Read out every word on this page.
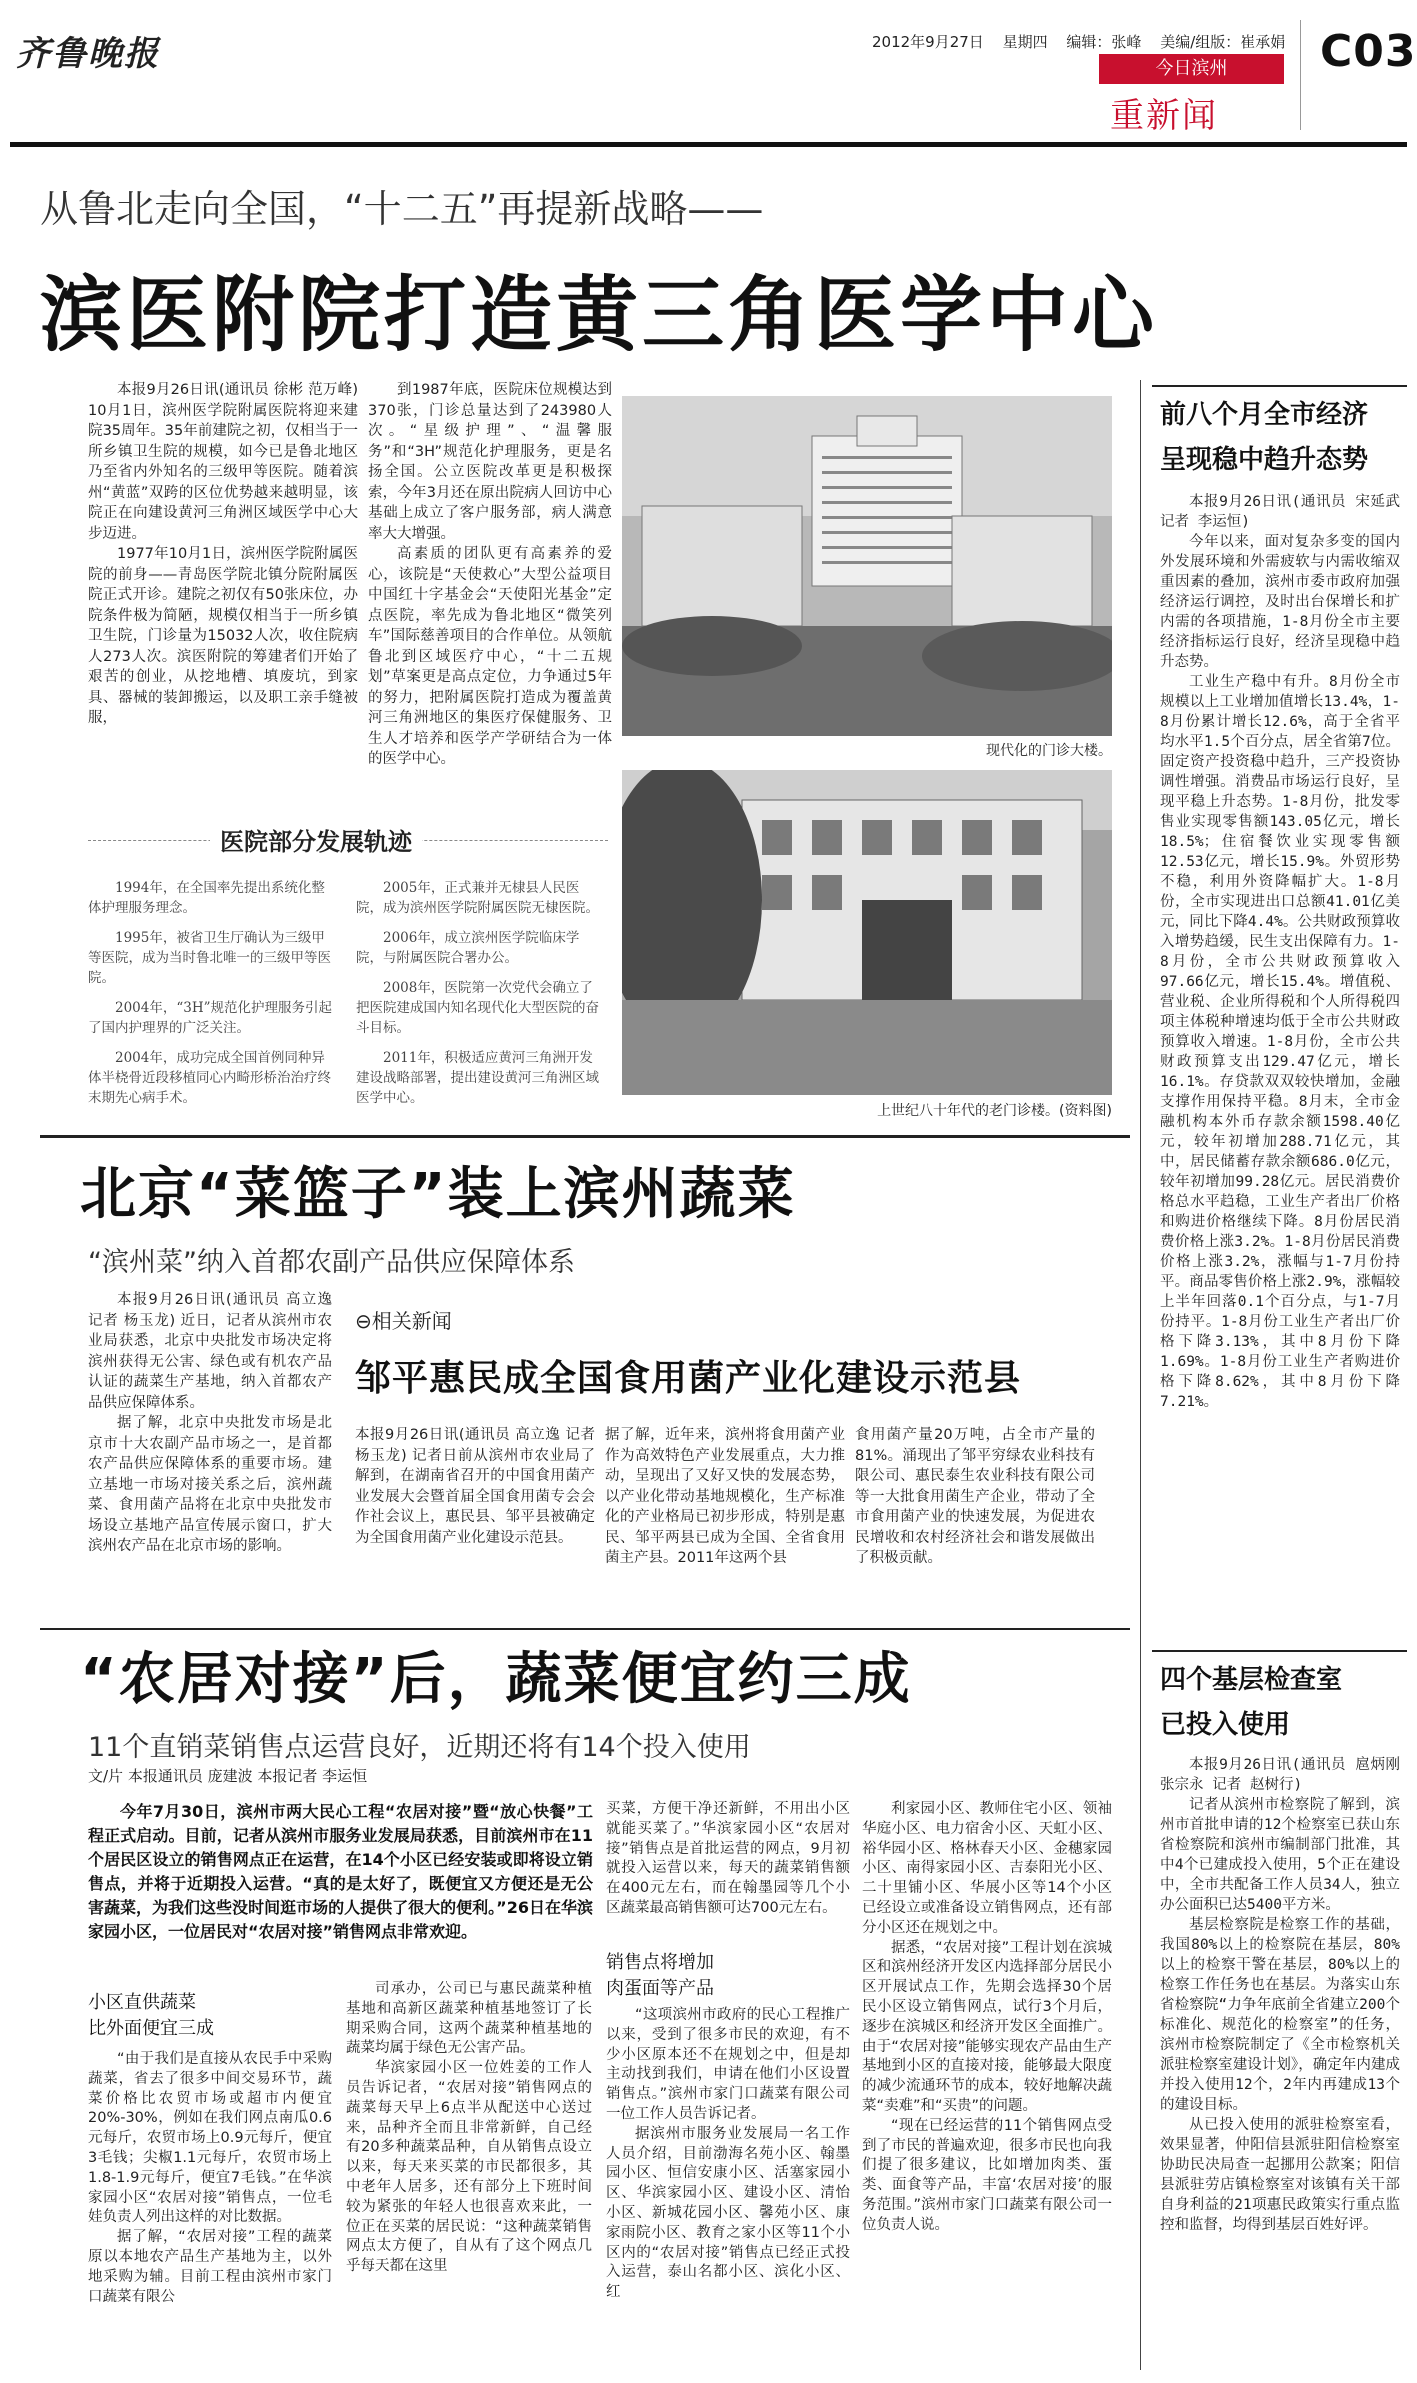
齐鲁晚报	2012年9月27日 星期四 编辑：张峰 美编/组版：崔承娟
今日滨州
重新闻
C03
从鲁北走向全国，“十二五”再提新战略——
滨医附院打造黄三角医学中心

本报9月26日讯(通讯员 徐彬 范万峰) 10月1日，滨州医学院附属医院将迎来建院35周年。35年前建院之初，仅相当于一所乡镇卫生院的规模，如今已是鲁北地区乃至省内外知名的三级甲等医院。随着滨州“黄蓝”双跨的区位优势越来越明显，该院正在向建设黄河三角洲区域医学中心大步迈进。

1977年10月1日，滨州医学院附属医院的前身——青岛医学院北镇分院附属医院正式开诊。建院之初仅有50张床位，办院条件极为简陋，规模仅相当于一所乡镇卫生院，门诊量为15032人次，收住院病人273人次。滨医附院的筹建者们开始了艰苦的创业，从挖地槽、填废坑，到家具、器械的装卸搬运，以及职工亲手缝被服，

到1987年底，医院床位规模达到370张，门诊总量达到了243980人次。“星级护理”、“温馨服务”和“3H”规范化护理服务，更是名扬全国。公立医院改革更是积极探索，今年3月还在原出院病人回访中心基础上成立了客户服务部，病人满意率大大增强。

高素质的团队更有高素养的爱心，该院是“天使救心”大型公益项目中国红十字基金会“天使阳光基金”定点医院，率先成为鲁北地区“微笑列车”国际慈善项目的合作单位。从领航鲁北到区域医疗中心，“十二五规划”草案更是高点定位，力争通过5年的努力，把附属医院打造成为覆盖黄河三角洲地区的集医疗保健服务、卫生人才培养和医学产学研结合为一体的医学中心。	现代化的门诊大楼。
上世纪八十年代的老门诊楼。(资料图)
医院部分发展轨迹

1994年，在全国率先提出系统化整体护理服务理念。

1995年，被省卫生厅确认为三级甲等医院，成为当时鲁北唯一的三级甲等医院。

2004年，“3H”规范化护理服务引起了国内护理界的广泛关注。

2004年，成功完成全国首例同种异体半桡骨近段移植同心内畸形桥治治疗终末期先心病手术。

2005年，正式兼并无棣县人民医院，成为滨州医学院附属医院无棣医院。

2006年，成立滨州医学院临床学院，与附属医院合署办公。

2008年，医院第一次党代会确立了把医院建成国内知名现代化大型医院的奋斗目标。

2011年，积极适应黄河三角洲开发建设战略部署，提出建设黄河三角洲区域医学中心。

前八个月全市经济
呈现稳中趋升态势

本报9月26日讯(通讯员 宋延武 记者 李运恒)

今年以来，面对复杂多变的国内外发展环境和外需疲软与内需收缩双重因素的叠加，滨州市委市政府加强经济运行调控，及时出台保增长和扩内需的各项措施，1-8月份全市主要经济指标运行良好，经济呈现稳中趋升态势。

工业生产稳中有升。8月份全市规模以上工业增加值增长13.4%，1-8月份累计增长12.6%，高于全省平均水平1.5个百分点，居全省第7位。固定资产投资稳中趋升，三产投资协调性增强。消费品市场运行良好，呈现平稳上升态势。1-8月份，批发零售业实现零售额143.05亿元，增长18.5%；住宿餐饮业实现零售额12.53亿元，增长15.9%。外贸形势不稳，利用外资降幅扩大。1-8月份，全市实现进出口总额41.01亿美元，同比下降4.4%。公共财政预算收入增势趋缓，民生支出保障有力。1-8月份，全市公共财政预算收入97.66亿元，增长15.4%。增值税、营业税、企业所得税和个人所得税四项主体税种增速均低于全市公共财政预算收入增速。1-8月份，全市公共财政预算支出129.47亿元，增长16.1%。存贷款双双较快增加，金融支撑作用保持平稳。8月末，全市金融机构本外币存款余额1598.40亿元，较年初增加288.71亿元，其中，居民储蓄存款余额686.0亿元，较年初增加99.28亿元。居民消费价格总水平趋稳，工业生产者出厂价格和购进价格继续下降。8月份居民消费价格上涨3.2%。1-8月份居民消费价格上涨3.2%，涨幅与1-7月份持平。商品零售价格上涨2.9%，涨幅较上半年回落0.1个百分点，与1-7月份持平。1-8月份工业生产者出厂价格下降3.13%，其中8月份下降1.69%。1-8月份工业生产者购进价格下降8.62%，其中8月份下降7.21%。

四个基层检查室
已投入使用

本报9月26日讯(通讯员 扈炳刚 张宗永 记者 赵树行)

记者从滨州市检察院了解到，滨州市首批申请的12个检察室已获山东省检察院和滨州市编制部门批准，其中4个已建成投入使用，5个正在建设中，全市共配备工作人员34人，独立办公面积已达5400平方米。

基层检察院是检察工作的基础，我国80%以上的检察院在基层，80%以上的检察干警在基层，80%以上的检察工作任务也在基层。为落实山东省检察院“力争年底前全省建立200个标准化、规范化的检察室”的任务，滨州市检察院制定了《全市检察机关派驻检察室建设计划》，确定年内建成并投入使用12个，2年内再建成13个的建设目标。

从已投入使用的派驻检察室看，效果显著，仲阳信县派驻阳信检察室协助民决局查一起挪用公款案；阳信县派驻劳店镇检察室对该镇有关干部自身利益的21项惠民政策实行重点监控和监督，均得到基层百姓好评。

北京“菜篮子”装上滨州蔬菜
“滨州菜”纳入首都农副产品供应保障体系

本报9月26日讯(通讯员 高立逸 记者 杨玉龙) 近日，记者从滨州市农业局获悉，北京中央批发市场决定将滨州获得无公害、绿色或有机农产品认证的蔬菜生产基地，纳入首都农产品供应保障体系。

据了解，北京中央批发市场是北京市十大农副产品市场之一，是首都农产品供应保障体系的重要市场。建立基地一市场对接关系之后，滨州蔬菜、食用菌产品将在北京中央批发市场设立基地产品宣传展示窗口，扩大滨州农产品在北京市场的影响。

⊖相关新闻
邹平惠民成全国食用菌产业化建设示范县
本报9月26日讯(通讯员 高立逸 记者 杨玉龙) 记者日前从滨州市农业局了解到，在湖南省召开的中国食用菌产业发展大会暨首届全国食用菌专会会作社会议上，惠民县、邹平县被确定为全国食用菌产业化建设示范县。
据了解，近年来，滨州将食用菌产业作为高效特色产业发展重点，大力推动，呈现出了又好又快的发展态势，以产业化带动基地规模化，生产标准化的产业格局已初步形成，特别是惠民、邹平两县已成为全国、全省食用菌主产县。2011年这两个县
食用菌产量20万吨，占全市产量的81%。涌现出了邹平穷绿农业科技有限公司、惠民泰生农业科技有限公司等一大批食用菌生产企业，带动了全市食用菌产业的快速发展，为促进农民增收和农村经济社会和谐发展做出了积极贡献。
“农居对接”后，蔬菜便宜约三成
11个直销菜销售点运营良好，近期还将有14个投入使用
文/片 本报通讯员 庞建波 本报记者 李运恒

今年7月30日，滨州市两大民心工程“农居对接”暨“放心快餐”工程正式启动。目前，记者从滨州市服务业发展局获悉，目前滨州市在11个居民区设立的销售网点正在运营，在14个小区已经安装或即将设立销售点，并将于近期投入运营。“真的是太好了，既便宜又方便还是无公害蔬菜，为我们这些没时间逛市场的人提供了很大的便利。”26日在华滨家园小区，一位居民对“农居对接”销售网点非常欢迎。

小区直供蔬菜
比外面便宜三成

“由于我们是直接从农民手中采购蔬菜，省去了很多中间交易环节，蔬菜价格比农贸市场或超市内便宜20%-30%，例如在我们网点南瓜0.6元每斤，农贸市场上0.9元每斤，便宜3毛钱；尖椒1.1元每斤，农贸市场上1.8-1.9元每斤，便宜7毛钱。”在华滨家园小区“农居对接”销售点，一位毛娃负责人列出这样的对比数据。

据了解，“农居对接”工程的蔬菜原以本地农产品生产基地为主，以外地采购为辅。目前工程由滨州市家门口蔬菜有限公

司承办，公司已与惠民蔬菜种植基地和高新区蔬菜种植基地签订了长期采购合同，这两个蔬菜种植基地的蔬菜均属于绿色无公害产品。

华滨家园小区一位姓姜的工作人员告诉记者，“农居对接”销售网点的蔬菜每天早上6点半从配送中心送过来，品种齐全而且非常新鲜，自己经有20多种蔬菜品种，自从销售点设立以来，每天来买菜的市民都很多，其中老年人居多，还有部分上下班时间较为紧张的年轻人也很喜欢来此，一位正在买菜的居民说：“这种蔬菜销售网点太方便了，自从有了这个网点几乎每天都在这里

买菜，方便干净还新鲜，不用出小区就能买菜了。”华滨家园小区“农居对接”销售点是首批运营的网点，9月初就投入运营以来，每天的蔬菜销售额在400元左右，而在翰墨园等几个小区蔬菜最高销售额可达700元左右。
销售点将增加
肉蛋面等产品

“这项滨州市政府的民心工程推广以来，受到了很多市民的欢迎，有不少小区原本还不在规划之中，但是却主动找到我们，申请在他们小区设置销售点。”滨州市家门口蔬菜有限公司一位工作人员告诉记者。

据滨州市服务业发展局一名工作人员介绍，目前渤海名苑小区、翰墨园小区、恒信安康小区、活塞家园小区、华滨家园小区、建设小区、清怡小区、新城花园小区、馨苑小区、康家雨院小区、教育之家小区等11个小区内的“农居对接”销售点已经正式投入运营，泰山名都小区、滨化小区、红

利家园小区、教师住宅小区、领袖华庭小区、电力宿舍小区、天虹小区、裕华园小区、格林春天小区、金穗家园小区、南得家园小区、吉泰阳光小区、二十里铺小区、华展小区等14个小区已经设立或准备设立销售网点，还有部分小区还在规划之中。

据悉，“农居对接”工程计划在滨城区和滨州经济开发区内选择部分居民小区开展试点工作，先期会选择30个居民小区设立销售网点，试行3个月后，逐步在滨城区和经济开发区全面推广。由于“农居对接”能够实现农产品由生产基地到小区的直接对接，能够最大限度的减少流通环节的成本，较好地解决蔬菜“卖难”和“买贵”的问题。

“现在已经运营的11个销售网点受到了市民的普遍欢迎，很多市民也向我们提了很多建议，比如增加肉类、蛋类、面食等产品，丰富‘农居对接’的服务范围。”滨州市家门口蔬菜有限公司一位负责人说。
